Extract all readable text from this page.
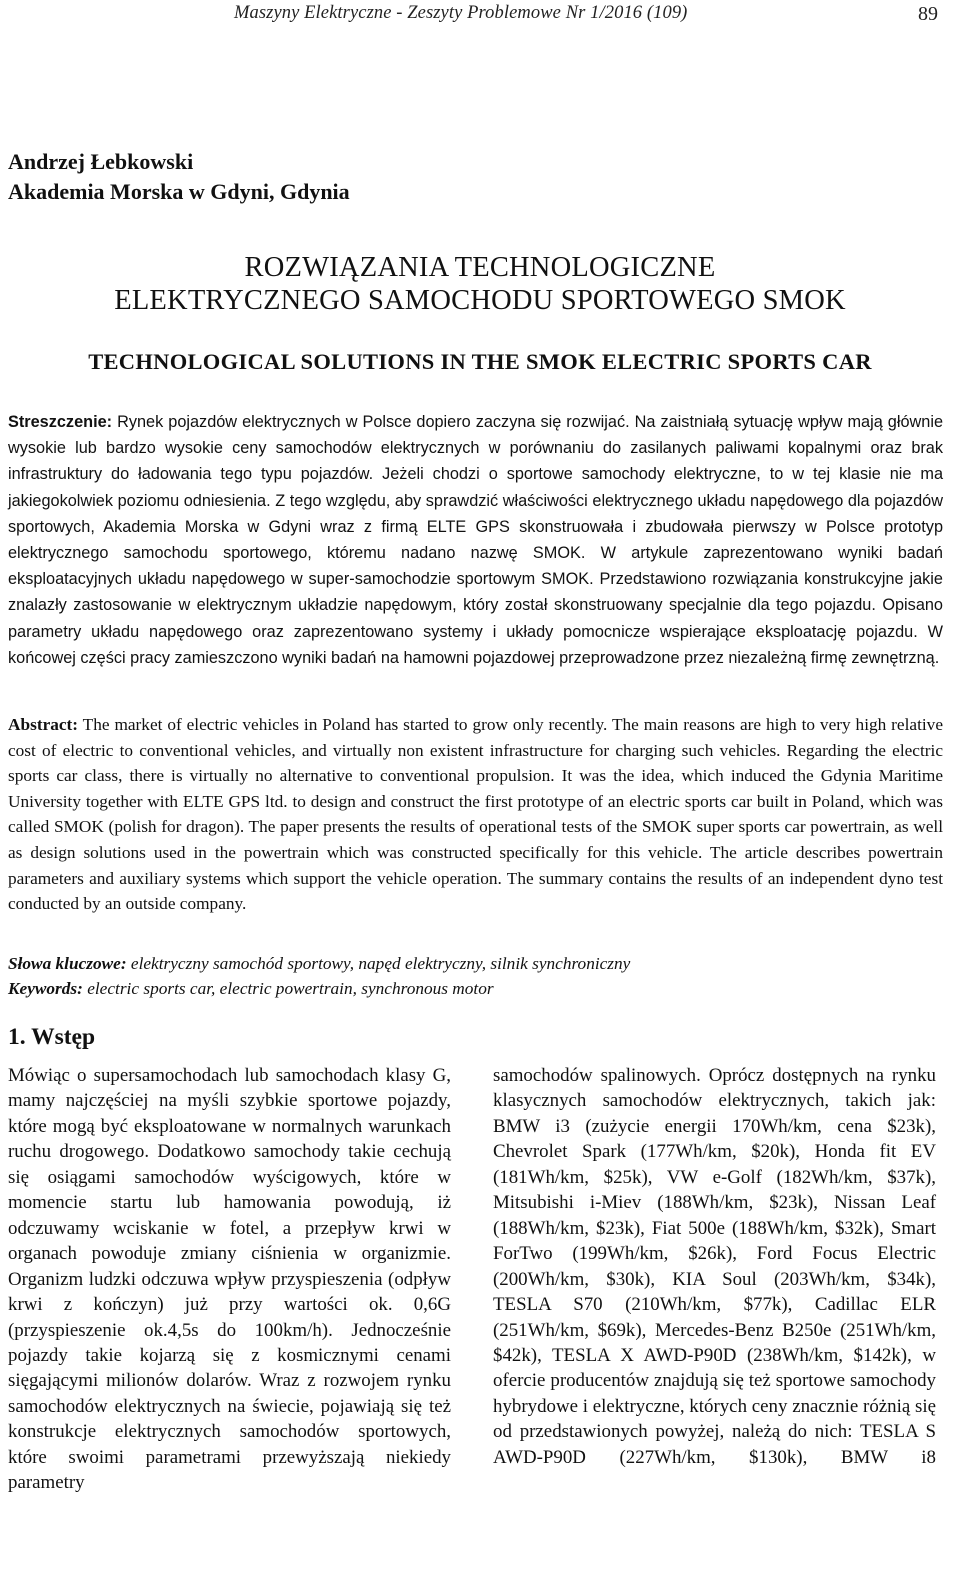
Maszyny Elektryczne - Zeszyty Problemowe Nr 1/2016 (109)	89
Andrzej Łebkowski
Akademia Morska w Gdyni, Gdynia
ROZWIĄZANIA TECHNOLOGICZNE
ELEKTRYCZNEGO SAMOCHODU SPORTOWEGO SMOK
TECHNOLOGICAL SOLUTIONS IN THE SMOK ELECTRIC SPORTS CAR
Streszczenie: Rynek pojazdów elektrycznych w Polsce dopiero zaczyna się rozwijać. Na zaistniałą sytuację wpływ mają głównie wysokie lub bardzo wysokie ceny samochodów elektrycznych w porównaniu do zasilanych paliwami kopalnymi oraz brak infrastruktury do ładowania tego typu pojazdów. Jeżeli chodzi o sportowe samochody elektryczne, to w tej klasie nie ma jakiegokolwiek poziomu odniesienia. Z tego względu, aby sprawdzić właściwości elektrycznego układu napędowego dla pojazdów sportowych, Akademia Morska w Gdyni wraz z firmą ELTE GPS skonstruowała i zbudowała pierwszy w Polsce prototyp elektrycznego samochodu sportowego, któremu nadano nazwę SMOK. W artykule zaprezentowano wyniki badań eksploatacyjnych układu napędowego w super-samochodzie sportowym SMOK. Przedstawiono rozwiązania konstrukcyjne jakie znalazły zastosowanie w elektrycznym układzie napędowym, który został skonstruowany specjalnie dla tego pojazdu. Opisano parametry układu napędowego oraz zaprezentowano systemy i układy pomocnicze wspierające eksploatację pojazdu. W końcowej części pracy zamieszczono wyniki badań na hamowni pojazdowej przeprowadzone przez niezależną firmę zewnętrzną.
Abstract: The market of electric vehicles in Poland has started to grow only recently. The main reasons are high to very high relative cost of electric to conventional vehicles, and virtually non existent infrastructure for charging such vehicles. Regarding the electric sports car class, there is virtually no alternative to conventional propulsion. It was the idea, which induced the Gdynia Maritime University together with ELTE GPS ltd. to design and construct the first prototype of an electric sports car built in Poland, which was called SMOK (polish for dragon). The paper presents the results of operational tests of the SMOK super sports car powertrain, as well as design solutions used in the powertrain which was constructed specifically for this vehicle. The article describes powertrain parameters and auxiliary systems which support the vehicle operation. The summary contains the results of an independent dyno test conducted by an outside company.
Słowa kluczowe: elektryczny samochód sportowy, napęd elektryczny, silnik synchroniczny
Keywords: electric sports car, electric powertrain, synchronous motor
1. Wstęp
Mówiąc o supersamochodach lub samochodach klasy G, mamy najczęściej na myśli szybkie sportowe pojazdy, które mogą być eksploatowane w normalnych warunkach ruchu drogowego. Dodatkowo samochody takie cechują się osiągami samochodów wyścigowych, które w momencie startu lub hamowania powodują, iż odczuwamy wciskanie w fotel, a przepływ krwi w organach powoduje zmiany ciśnienia w organizmie. Organizm ludzki odczuwa wpływ przyspieszenia (odpływ krwi z kończyn) już przy wartości ok. 0,6G (przyspieszenie ok.4,5s do 100km/h). Jednocześnie pojazdy takie kojarzą się z kosmicznymi cenami sięgającymi milionów dolarów. Wraz z rozwojem rynku samochodów elektrycznych na świecie, pojawiają się też konstrukcje elektrycznych samochodów sportowych, które swoimi parametrami przewyższają niekiedy parametry
samochodów spalinowych. Oprócz dostępnych na rynku klasycznych samochodów elektrycznych, takich jak: BMW i3 (zużycie energii 170Wh/km, cena $23k), Chevrolet Spark (177Wh/km, $20k), Honda fit EV (181Wh/km, $25k), VW e-Golf (182Wh/km, $37k), Mitsubishi i-Miev (188Wh/km, $23k), Nissan Leaf (188Wh/km, $23k), Fiat 500e (188Wh/km, $32k), Smart ForTwo (199Wh/km, $26k), Ford Focus Electric (200Wh/km, $30k), KIA Soul (203Wh/km, $34k), TESLA S70 (210Wh/km, $77k), Cadillac ELR (251Wh/km, $69k), Mercedes-Benz B250e (251Wh/km, $42k), TESLA X AWD-P90D (238Wh/km, $142k), w ofercie producentów znajdują się też sportowe samochody hybrydowe i elektryczne, których ceny znacznie różnią się od przedstawionych powyżej, należą do nich: TESLA S AWD-P90D (227Wh/km, $130k), BMW i8
